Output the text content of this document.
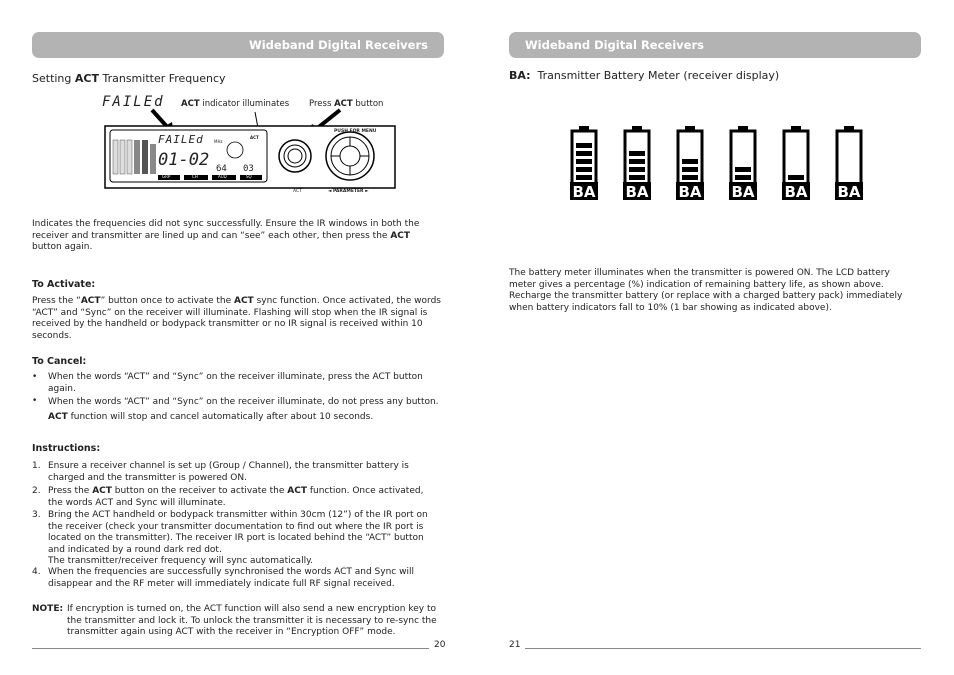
Wideband Digital Receivers
Setting ACT Transmitter Frequency
FAILEd ACT indicator illuminates Press ACT button
FAILEd
01-02 64 03
MHz
ACT
GRP	CH	AUD	SQ
PUSH FOR MENU
ACT	◄ PARAMETER ►
Indicates the frequencies did not sync successfully. Ensure the IR windows in both the receiver and transmitter are lined up and can “see” each other, then press the ACT button again.
To Activate:
Press the “ACT” button once to activate the ACT sync function. Once activated, the words “ACT” and “Sync” on the receiver will illuminate. Flashing will stop when the IR signal is received by the handheld or bodypack transmitter or no IR signal is received within 10 seconds.
To Cancel:
• When the words “ACT” and “Sync” on the receiver illuminate, press the ACT button again.
• When the words “ACT” and “Sync” on the receiver illuminate, do not press any button. ACT function will stop and cancel automatically after about 10 seconds.
Instructions:
1. Ensure a receiver channel is set up (Group / Channel), the transmitter battery is charged and the transmitter is powered ON.
2. Press the ACT button on the receiver to activate the ACT function. Once activated, the words ACT and Sync will illuminate.
3. Bring the ACT handheld or bodypack transmitter within 30cm (12”) of the IR port on the receiver (check your transmitter documentation to find out where the IR port is located on the transmitter). The receiver IR port is located behind the “ACT” button and indicated by a round dark red dot.
The transmitter/receiver frequency will sync automatically.
4. When the frequencies are successfully synchronised the words ACT and Sync will disappear and the RF meter will immediately indicate full RF signal received.
NOTE: If encryption is turned on, the ACT function will also send a new encryption key to the transmitter and lock it. To unlock the transmitter it is necessary to re-sync the transmitter again using ACT with the receiver in “Encryption OFF” mode.
20
Wideband Digital Receivers
BA:  Transmitter Battery Meter (receiver display)
BA BA BA BA BA BA
The battery meter illuminates when the transmitter is powered ON. The LCD battery meter gives a percentage (%) indication of remaining battery life, as shown above. Recharge the transmitter battery (or replace with a charged battery pack) immediately when battery indicators fall to 10% (1 bar showing as indicated above).
21
